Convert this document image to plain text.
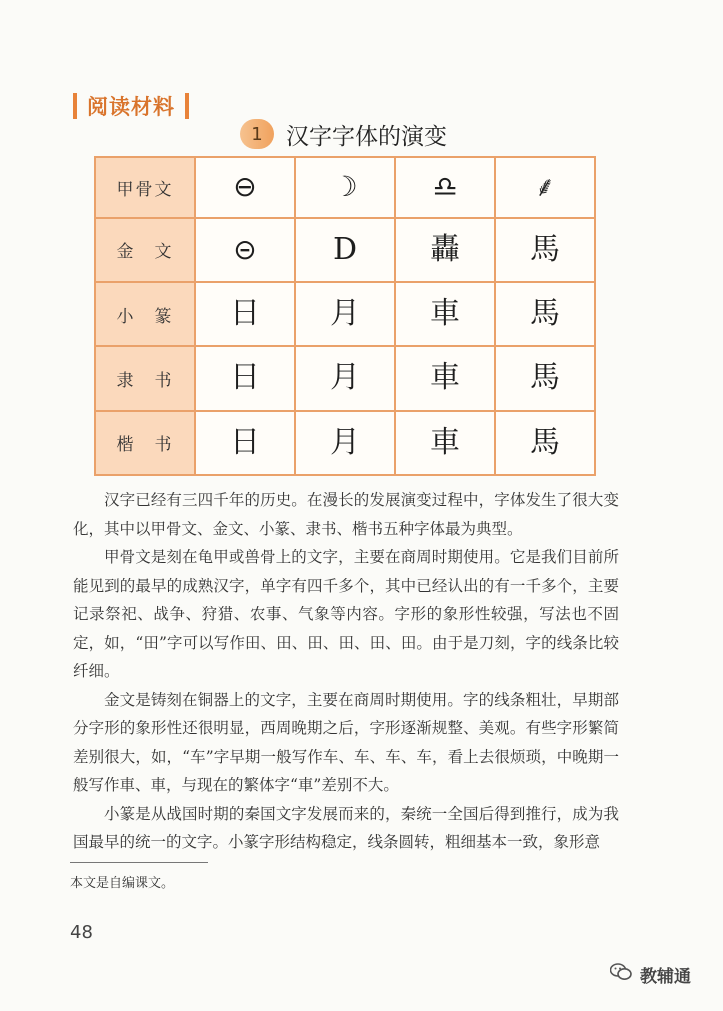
阅读材料
1	汉字字体的演变
甲骨文	⊖	☽	♎	⸙
金　文	⊝	D	轟	馬
小　篆	日	月	車	馬
隶　书	日	月	車	馬
楷　书	日	月	車	馬

汉字已经有三四千年的历史。在漫长的发展演变过程中，字体发生了很大变化，其中以甲骨文、金文、小篆、隶书、楷书五种字体最为典型。

甲骨文是刻在龟甲或兽骨上的文字，主要在商周时期使用。它是我们目前所能见到的最早的成熟汉字，单字有四千多个，其中已经认出的有一千多个，主要记录祭祀、战争、狩猎、农事、气象等内容。字形的象形性较强，写法也不固定，如，“田”字可以写作田、田、田、田、田、田。由于是刀刻，字的线条比较纤细。

金文是铸刻在铜器上的文字，主要在商周时期使用。字的线条粗壮，早期部分字形的象形性还很明显，西周晚期之后，字形逐渐规整、美观。有些字形繁简差别很大，如，“车”字早期一般写作车、车、车、车，看上去很烦琐，中晚期一般写作車、車，与现在的繁体字“車”差别不大。

小篆是从战国时期的秦国文字发展而来的，秦统一全国后得到推行，成为我国最早的统一的文字。小篆字形结构稳定，线条圆转，粗细基本一致，象形意

本文是自编课文。
48
教辅通
